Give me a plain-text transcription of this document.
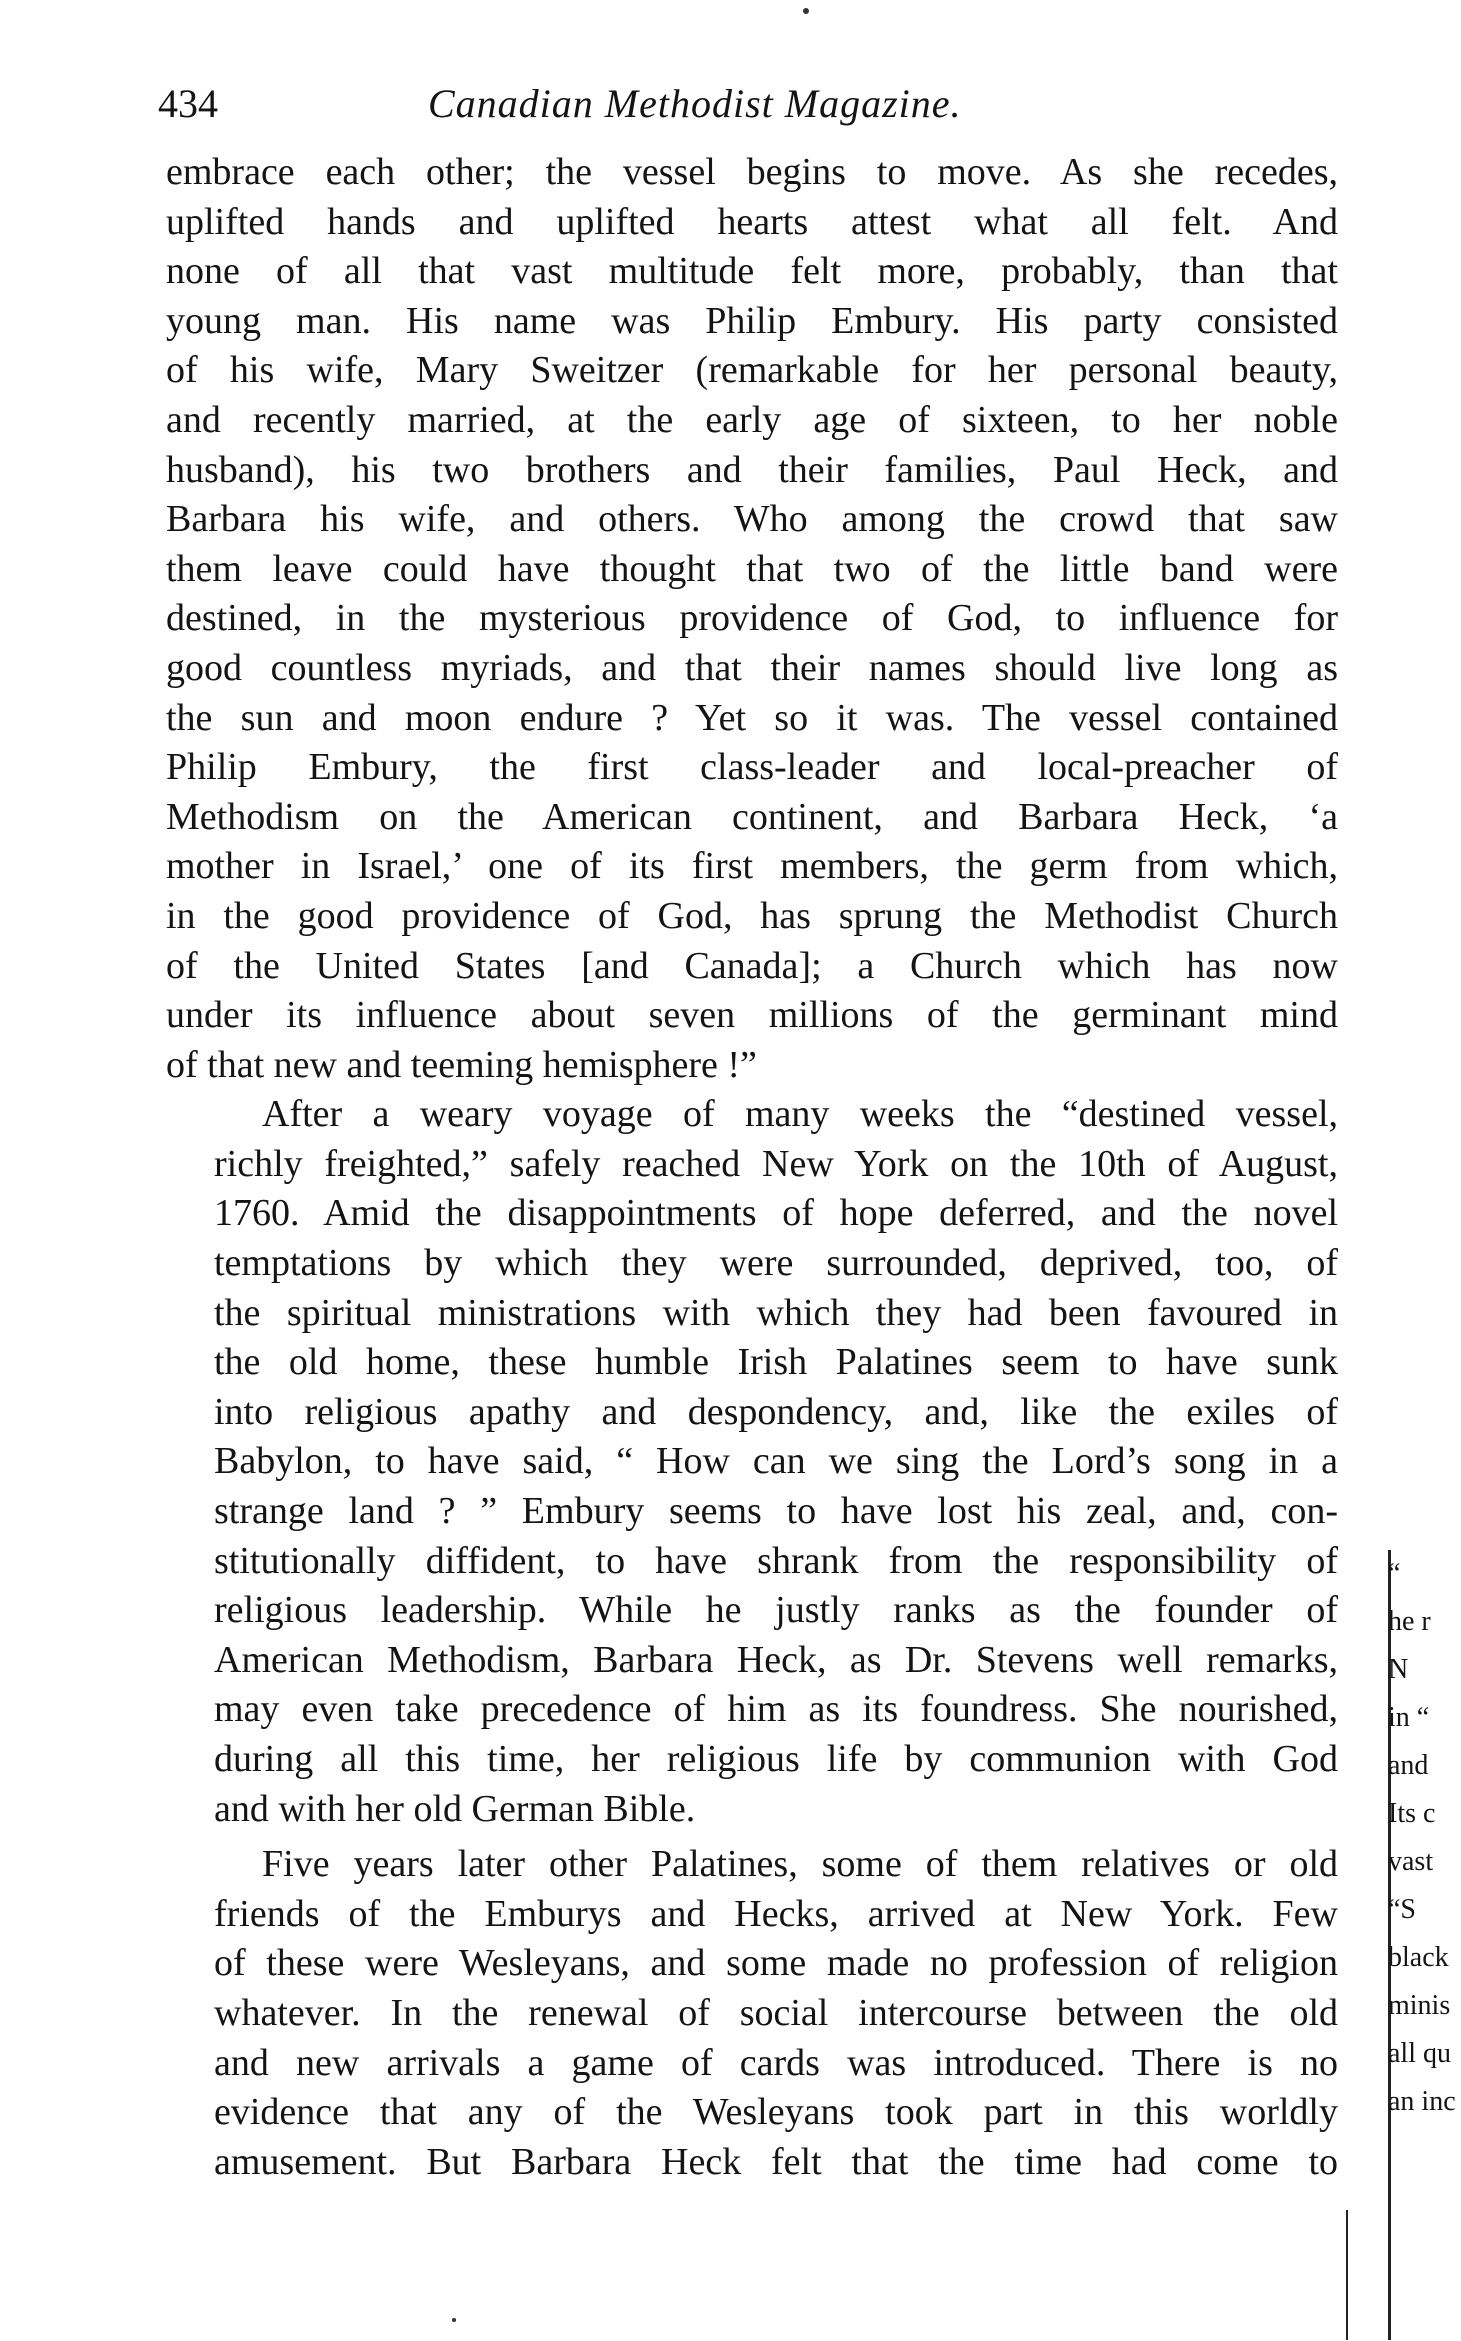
434	Canadian Methodist Magazine.

embrace each other; the vessel begins to move. As she recedes,
uplifted hands and uplifted hearts attest what all felt. And
none of all that vast multitude felt more, probably, than that
young man. His name was Philip Embury. His party consisted
of his wife, Mary Sweitzer (remarkable for her personal beauty,
and recently married, at the early age of sixteen, to her noble
husband), his two brothers and their families, Paul Heck, and
Barbara his wife, and others. Who among the crowd that saw
them leave could have thought that two of the little band were
destined, in the mysterious providence of God, to influence for
good countless myriads, and that their names should live long as
the sun and moon endure ? Yet so it was. The vessel contained
Philip Embury, the first class-leader and local-preacher of
Methodism on the American continent, and Barbara Heck, ‘a
mother in Israel,’ one of its first members, the germ from which,
in the good providence of God, has sprung the Methodist Church
of the United States [and Canada]; a Church which has now
under its influence about seven millions of the germinant mind
of that new and teeming hemisphere !”

After a weary voyage of many weeks the “destined vessel,
richly freighted,” safely reached New York on the 10th of August,
1760. Amid the disappointments of hope deferred, and the novel
temptations by which they were surrounded, deprived, too, of
the spiritual ministrations with which they had been favoured in
the old home, these humble Irish Palatines seem to have sunk
into religious apathy and despondency, and, like the exiles of
Babylon, to have said, “ How can we sing the Lord’s song in a
strange land ? ” Embury seems to have lost his zeal, and, con-
stitutionally diffident, to have shrank from the responsibility of
religious leadership. While he justly ranks as the founder of
American Methodism, Barbara Heck, as Dr. Stevens well remarks,
may even take precedence of him as its foundress. She nourished,
during all this time, her religious life by communion with God
and with her old German Bible.

Five years later other Palatines, some of them relatives or old
friends of the Emburys and Hecks, arrived at New York. Few
of these were Wesleyans, and some made no profession of religion
whatever. In the renewal of social intercourse between the old
and new arrivals a game of cards was introduced. There is no
evidence that any of the Wesleyans took part in this worldly
amusement. But Barbara Heck felt that the time had come to

“
he r
N
in “
and
Its c
vast
“S
black
minis
all qu
an inc
